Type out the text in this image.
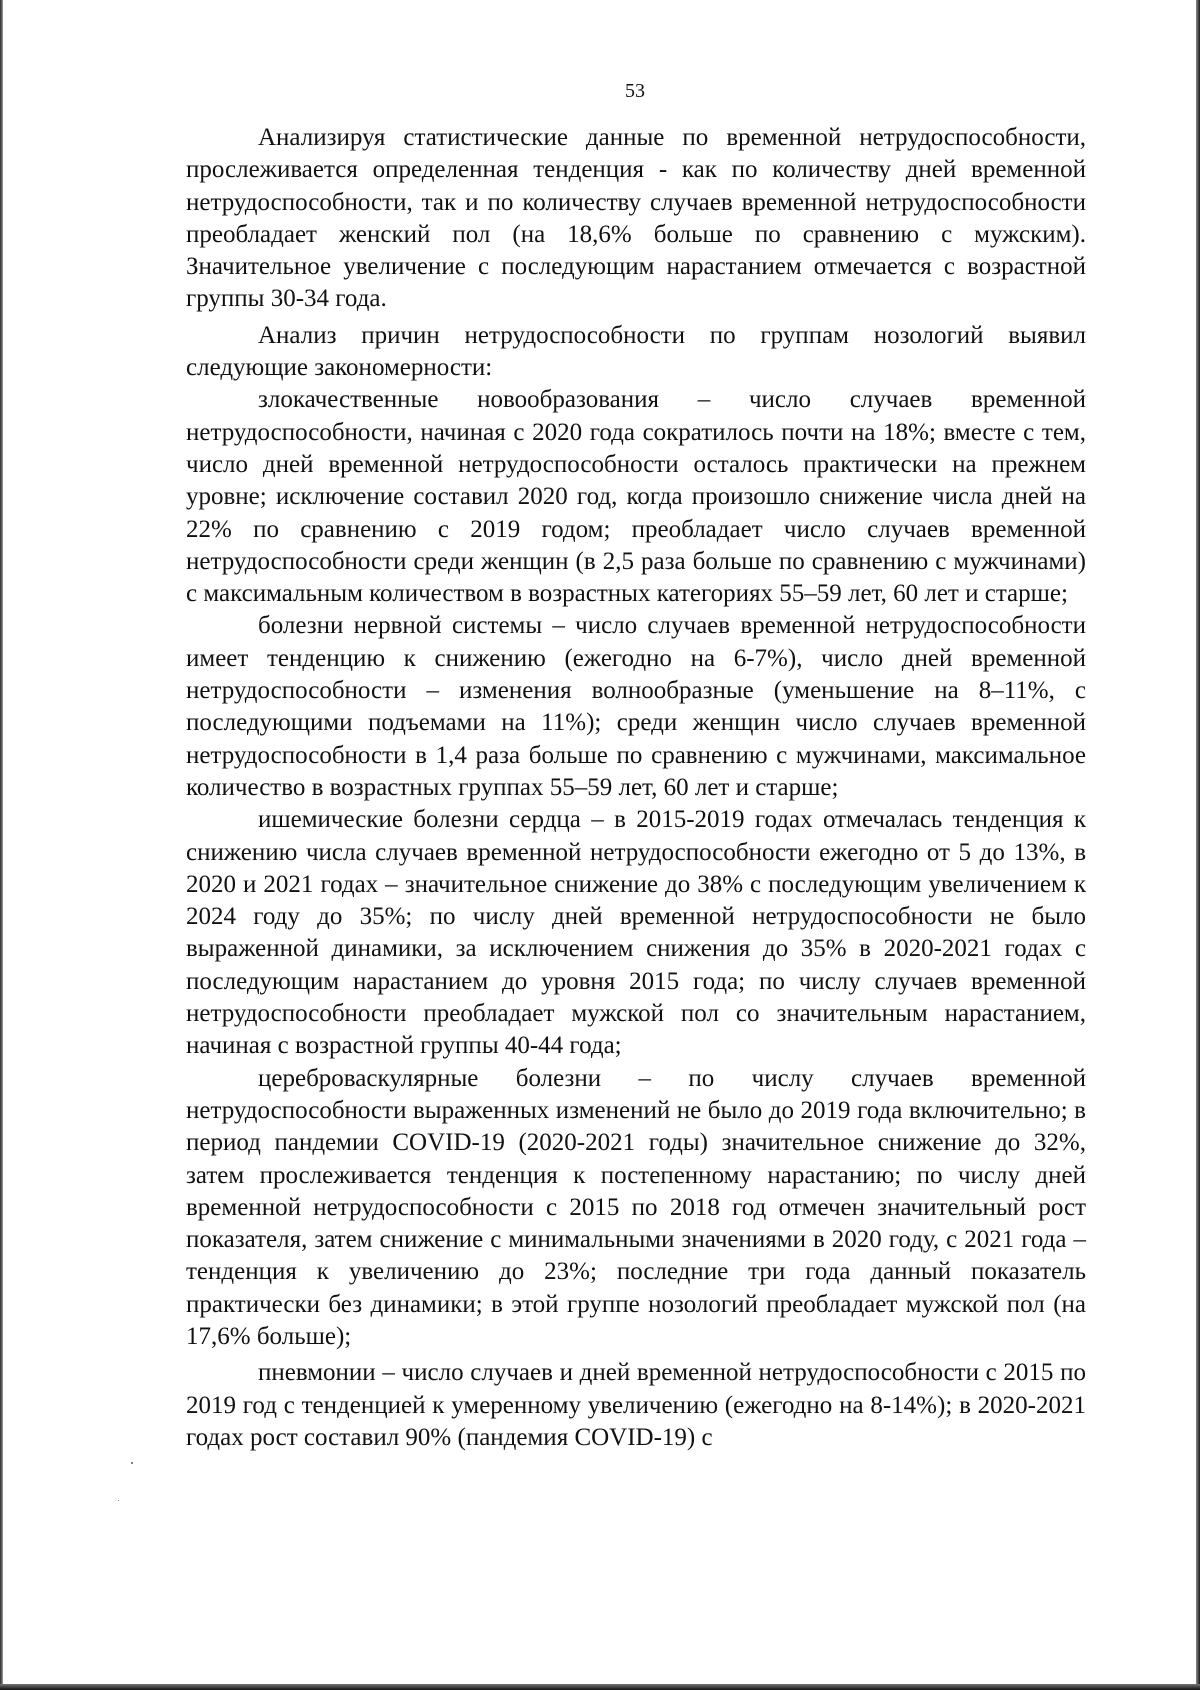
53

Анализируя статистические данные по временной нетрудоспособности, прослеживается определенная тенденция - как по количеству дней временной нетрудоспособности, так и по количеству случаев временной нетрудоспособности преобладает женский пол (на 18,6% больше по сравнению с мужским). Значительное увеличение с последующим нарастанием отмечается с возрастной группы 30-34 года.

Анализ причин нетрудоспособности по группам нозологий выявил следующие закономерности:

злокачественные новообразования – число случаев временной нетрудоспособности, начиная с 2020 года сократилось почти на 18%; вместе с тем, число дней временной нетрудоспособности осталось практически на прежнем уровне; исключение составил 2020 год, когда произошло снижение числа дней на 22% по сравнению с 2019 годом; преобладает число случаев временной нетрудоспособности среди женщин (в 2,5 раза больше по сравнению с мужчинами) с максимальным количеством в возрастных категориях 55–59 лет, 60 лет и старше;

болезни нервной системы – число случаев временной нетрудоспособности имеет тенденцию к снижению (ежегодно на 6-7%), число дней временной нетрудоспособности – изменения волнообразные (уменьшение на 8–11%, с последующими подъемами на 11%); среди женщин число случаев временной нетрудоспособности в 1,4 раза больше по сравнению с мужчинами, максимальное количество в возрастных группах 55–59 лет, 60 лет и старше;

ишемические болезни сердца – в 2015-2019 годах отмечалась тенденция к снижению числа случаев временной нетрудоспособности ежегодно от 5 до 13%, в 2020 и 2021 годах – значительное снижение до 38% с последующим увеличением к 2024 году до 35%; по числу дней временной нетрудоспособности не было выраженной динамики, за исключением снижения до 35% в 2020-2021 годах с последующим нарастанием до уровня 2015 года; по числу случаев временной нетрудоспособности преобладает мужской пол со значительным нарастанием, начиная с возрастной группы 40-44 года;

цереброваскулярные болезни – по числу случаев временной нетрудоспособности выраженных изменений не было до 2019 года включительно; в период пандемии COVID-19 (2020-2021 годы) значительное снижение до 32%, затем прослеживается тенденция к постепенному нарастанию; по числу дней временной нетрудоспособности с 2015 по 2018 год отмечен значительный рост показателя, затем снижение с минимальными значениями в 2020 году, с 2021 года – тенденция к увеличению до 23%; последние три года данный показатель практически без динамики; в этой группе нозологий преобладает мужской пол (на 17,6% больше);

пневмонии – число случаев и дней временной нетрудоспособности с 2015 по 2019 год с тенденцией к умеренному увеличению (ежегодно на 8-14%); в 2020-2021 годах рост составил 90% (пандемия COVID-19) с
